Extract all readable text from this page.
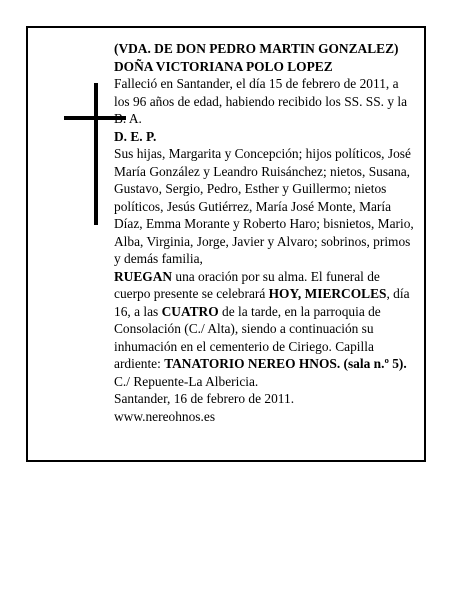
(VDA. DE DON PEDRO MARTIN GONZALEZ)

DOÑA VICTORIANA POLO LOPEZ

Falleció en Santander, el día 15 de febrero de 2011, a los 96 años de edad, habiendo recibido los SS. SS. y la B. A.

D. E. P.

Sus hijas, Margarita y Concepción; hijos políticos, José María González y Leandro Ruisánchez; nietos, Susana, Gustavo, Sergio, Pedro, Esther y Guillermo; nietos políticos, Jesús Gutiérrez, María José Monte, María Díaz, Emma Morante y Roberto Haro; bisnietos, Mario, Alba, Virginia, Jorge, Javier y Alvaro; sobrinos, primos y demás familia,

RUEGAN una oración por su alma. El funeral de cuerpo presente se celebrará HOY, MIERCOLES, día 16, a las CUATRO de la tarde, en la parroquia de Consolación (C./ Alta), siendo a continuación su inhumación en el cementerio de Ciriego. Capilla ardiente: TANATORIO NEREO HNOS. (sala n.º 5).

C./ Repuente-La Albericia.

Santander, 16 de febrero de 2011.

www.nereohnos.es
